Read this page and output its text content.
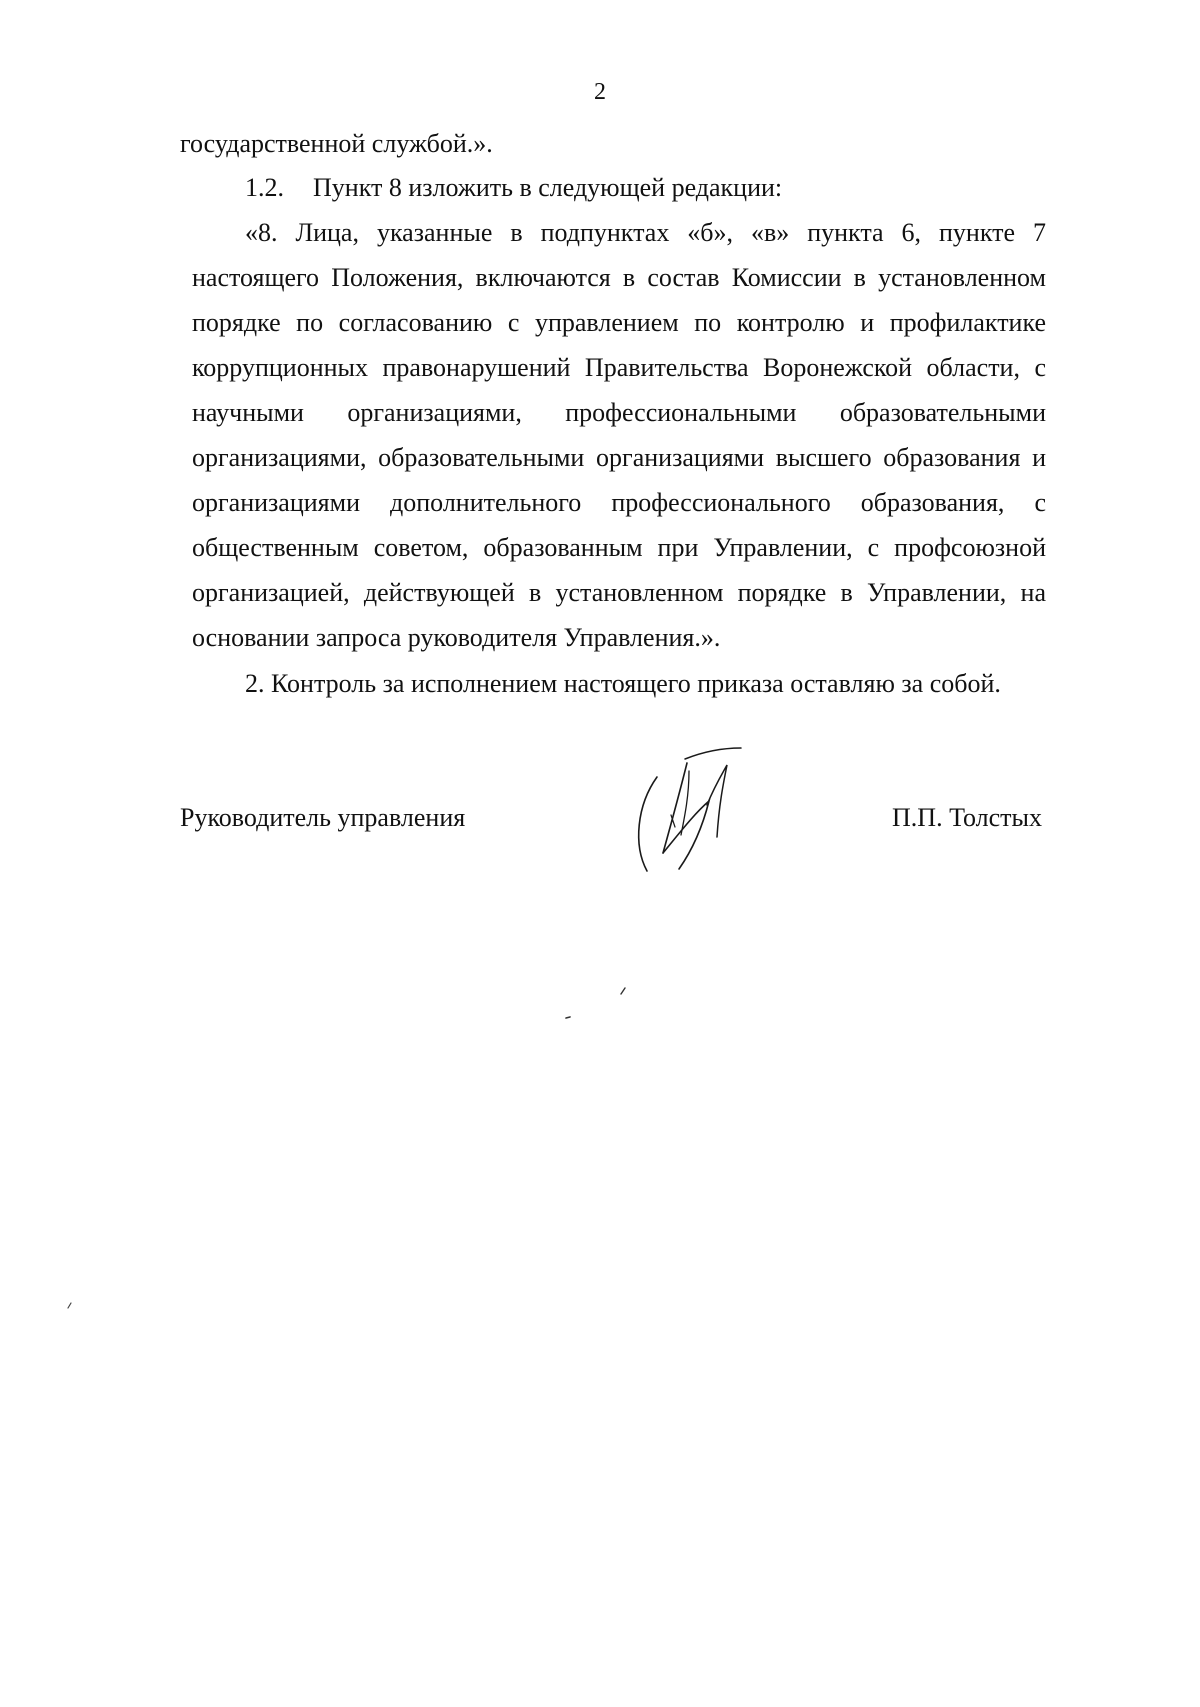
2
государственной службой.».
1.2. Пункт 8 изложить в следующей редакции:
«8. Лица, указанные в подпунктах «б», «в» пункта 6, пункте 7
настоящего Положения, включаются в состав Комиссии в установленном
порядке по согласованию с управлением по контролю и профилактике
коррупционных правонарушений Правительства Воронежской области, с
научными организациями, профессиональными образовательными
организациями, образовательными организациями высшего образования и
организациями дополнительного профессионального образования, с
общественным советом, образованным при Управлении, с профсоюзной
организацией, действующей в установленном порядке в Управлении, на
основании запроса руководителя Управления.».
2. Контроль за исполнением настоящего приказа оставляю за собой.
Руководитель управления	П.П. Толстых
